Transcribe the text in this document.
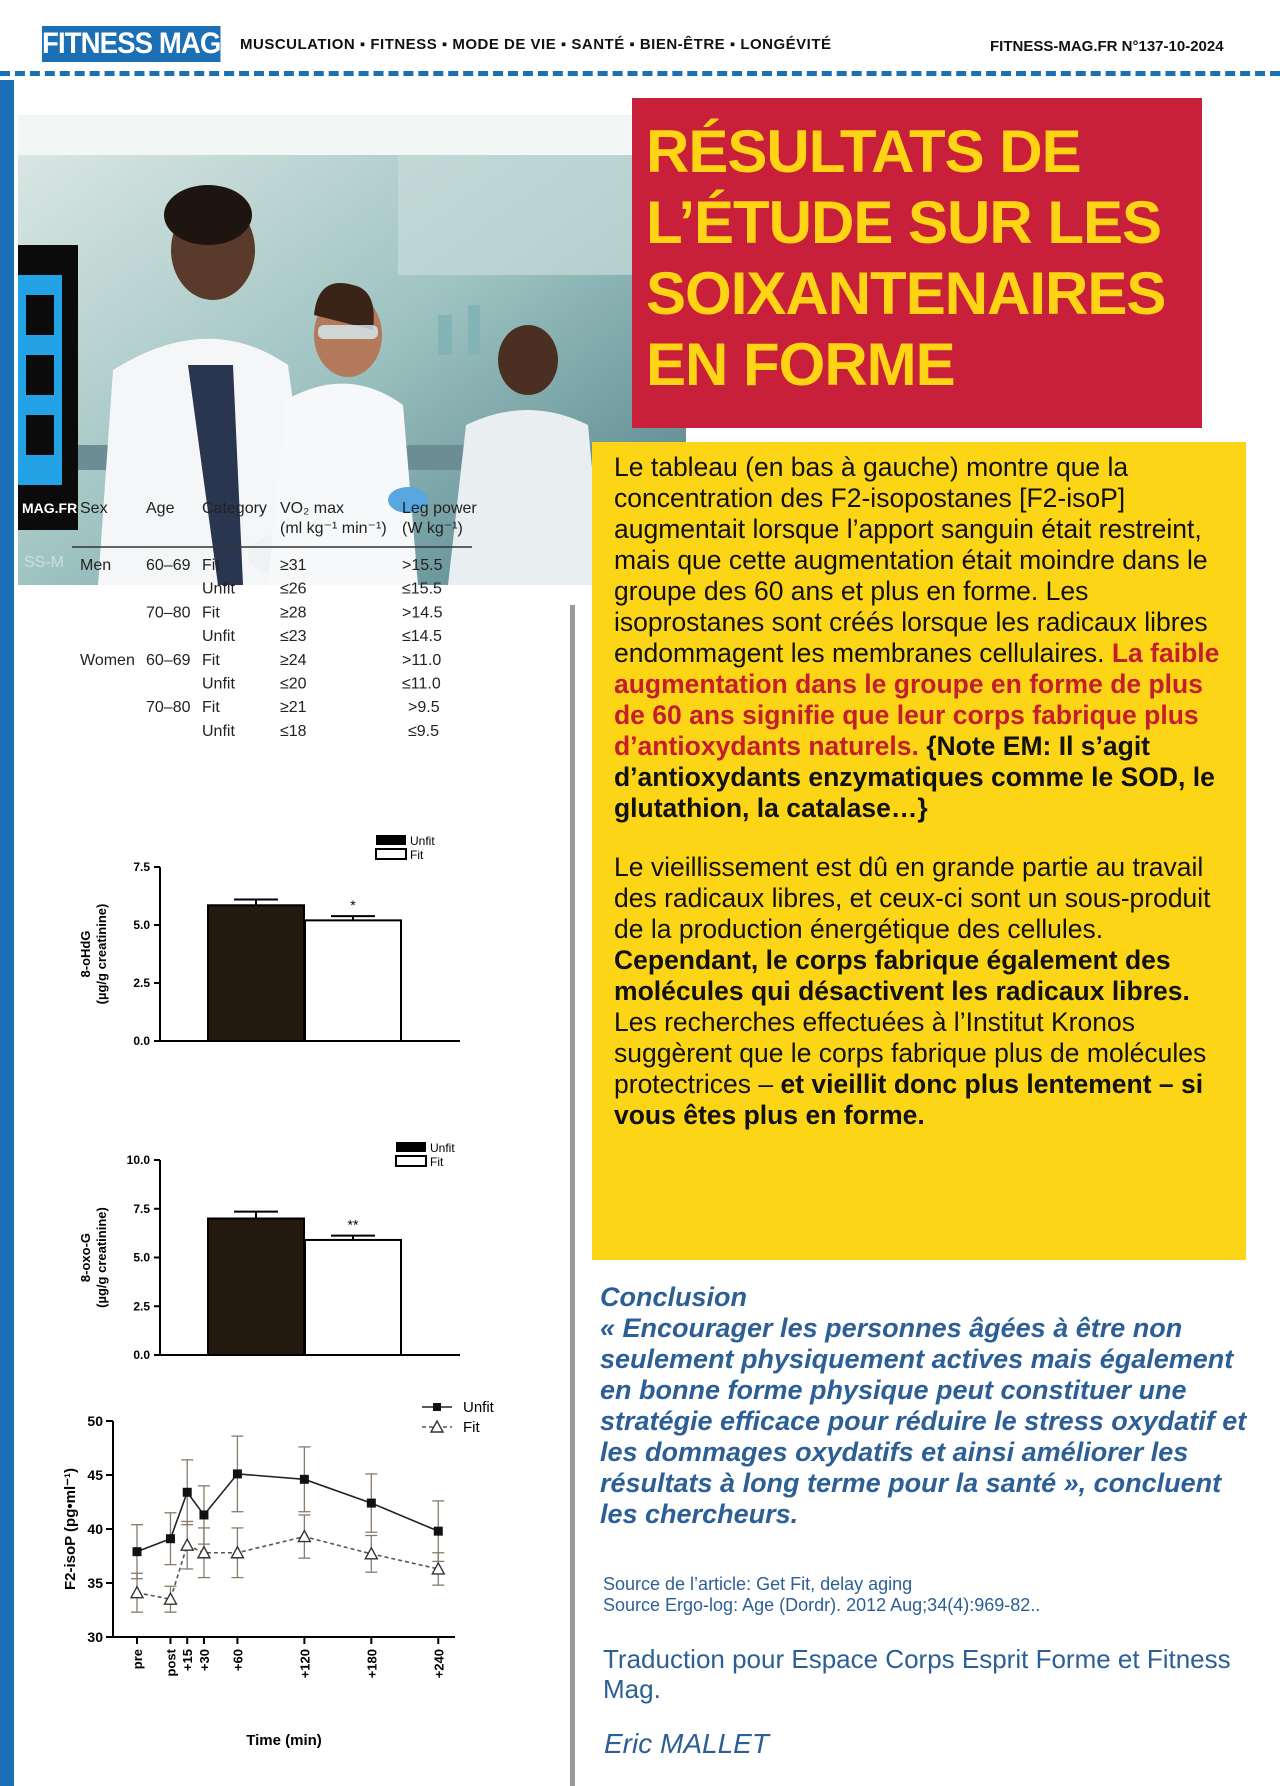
FITNESS MAG MUSCULATION ▪ FITNESS ▪ MODE DE VIE ▪ SANTÉ ▪ BIEN-ÊTRE ▪ LONGÉVITÉ	FITNESS-MAG.FR N°137-10-2024
MAG.FR
SS-M
RÉSULTATS DE L’ÉTUDE SUR LES SOIXANTENAIRES EN FORME
Sex Age Category VO₂ max
(ml kg⁻¹ min⁻¹)
Leg power
(W kg⁻¹)
Men 60–69 Fit	≥31	>15.5
Unfit	≤26	≤15.5
70–80 Fit	≥28	>14.5
Unfit	≤23	≤14.5
Women 60–69 Fit	≥24	>11.0
Unfit	≤20	≤11.0
70–80 Fit	≥21	>9.5
Unfit	≤18	≤9.5
0.0
2.5
5.0
7.5
8-oHdG (µg/g creatinine)	*
Unfit
Fit
0.0
2.5
5.0
7.5
10.0
8-oxo-G (µg/g creatinine)	**
Unfit
Fit
30
35
40
45
50
pre post +15 +30 +60	+120	+180	+240
Time (min)
F2-isoP (pg•ml⁻¹)
Unfit
Fit

Le tableau (en bas à gauche) montre que la concentration des F2-isopostanes [F2-isoP] augmentait lorsque l’apport sanguin était restreint, mais que cette augmentation était moindre dans le groupe des 60 ans et plus en forme. Les isoprostanes sont créés lorsque les radicaux libres endommagent les membranes cellulaires. La faible augmentation dans le groupe en forme de plus de 60 ans signifie que leur corps fabrique plus d’antioxydants naturels. {Note EM: Il s’agit d’antioxydants enzymatiques comme le SOD, le glutathion, la catalase…}

Le vieillissement est dû en grande partie au travail des radicaux libres, et ceux-ci sont un sous-produit de la production énergétique des cellules. Cependant, le corps fabrique également des molécules qui désactivent les radicaux libres. Les recherches effectuées à l’Institut Kronos suggèrent que le corps fabrique plus de molécules protectrices – et vieillit donc plus lentement – si vous êtes plus en forme.

Conclusion
« Encourager les personnes âgées à être non seulement physiquement actives mais également en bonne forme physique peut constituer une stratégie efficace pour réduire le stress oxydatif et les dommages oxydatifs et ainsi améliorer les résultats à long terme pour la santé », concluent les chercheurs.
Source de l’article: Get Fit, delay aging
Source Ergo-log: Age (Dordr). 2012 Aug;34(4):969-82..
Traduction pour Espace Corps Esprit Forme et Fitness Mag.
Eric MALLET
